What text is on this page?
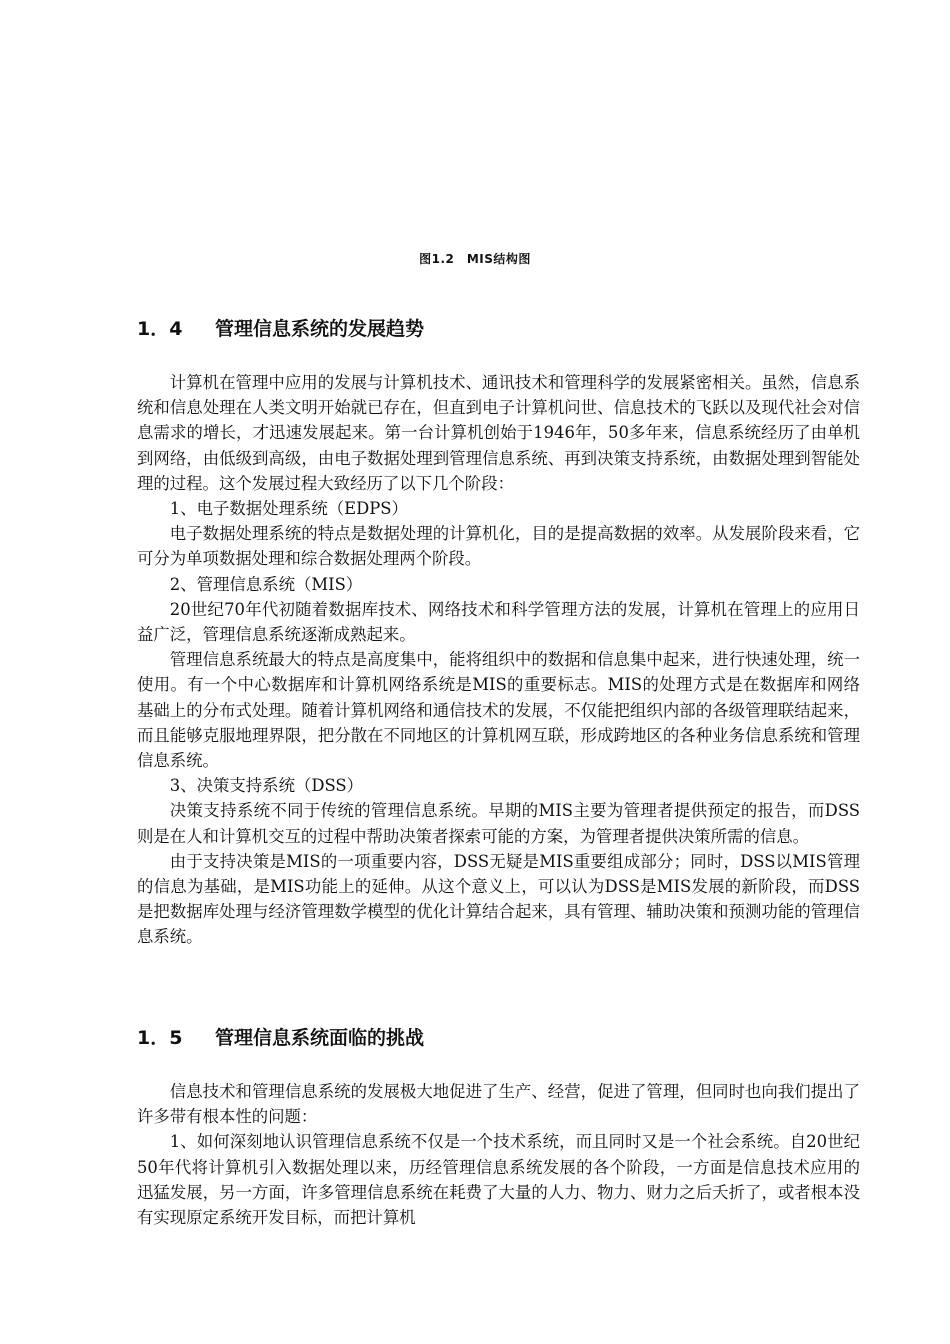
图1.2　MIS结构图
1．4 管理信息系统的发展趋势

计算机在管理中应用的发展与计算机技术、通讯技术和管理科学的发展紧密相关。虽然，信息系统和信息处理在人类文明开始就已存在，但直到电子计算机问世、信息技术的飞跃以及现代社会对信息需求的增长，才迅速发展起来。第一台计算机创始于1946年，50多年来，信息系统经历了由单机到网络，由低级到高级，由电子数据处理到管理信息系统、再到决策支持系统，由数据处理到智能处理的过程。这个发展过程大致经历了以下几个阶段：

1、电子数据处理系统（EDPS）

电子数据处理系统的特点是数据处理的计算机化，目的是提高数据的效率。从发展阶段来看，它可分为单项数据处理和综合数据处理两个阶段。

2、管理信息系统（MIS）

20世纪70年代初随着数据库技术、网络技术和科学管理方法的发展，计算机在管理上的应用日益广泛，管理信息系统逐渐成熟起来。

管理信息系统最大的特点是高度集中，能将组织中的数据和信息集中起来，进行快速处理，统一使用。有一个中心数据库和计算机网络系统是MIS的重要标志。MIS的处理方式是在数据库和网络基础上的分布式处理。随着计算机网络和通信技术的发展，不仅能把组织内部的各级管理联结起来，而且能够克服地理界限，把分散在不同地区的计算机网互联，形成跨地区的各种业务信息系统和管理信息系统。

3、决策支持系统（DSS）

决策支持系统不同于传统的管理信息系统。早期的MIS主要为管理者提供预定的报告，而DSS则是在人和计算机交互的过程中帮助决策者探索可能的方案，为管理者提供决策所需的信息。

由于支持决策是MIS的一项重要内容，DSS无疑是MIS重要组成部分；同时，DSS以MIS管理的信息为基础，是MIS功能上的延伸。从这个意义上，可以认为DSS是MIS发展的新阶段，而DSS是把数据库处理与经济管理数学模型的优化计算结合起来，具有管理、辅助决策和预测功能的管理信息系统。

1．5 管理信息系统面临的挑战

信息技术和管理信息系统的发展极大地促进了生产、经营，促进了管理，但同时也向我们提出了许多带有根本性的问题：

1、如何深刻地认识管理信息系统不仅是一个技术系统，而且同时又是一个社会系统。自20世纪50年代将计算机引入数据处理以来，历经管理信息系统发展的各个阶段，一方面是信息技术应用的迅猛发展，另一方面，许多管理信息系统在耗费了大量的人力、物力、财力之后夭折了，或者根本没有实现原定系统开发目标，而把计算机
